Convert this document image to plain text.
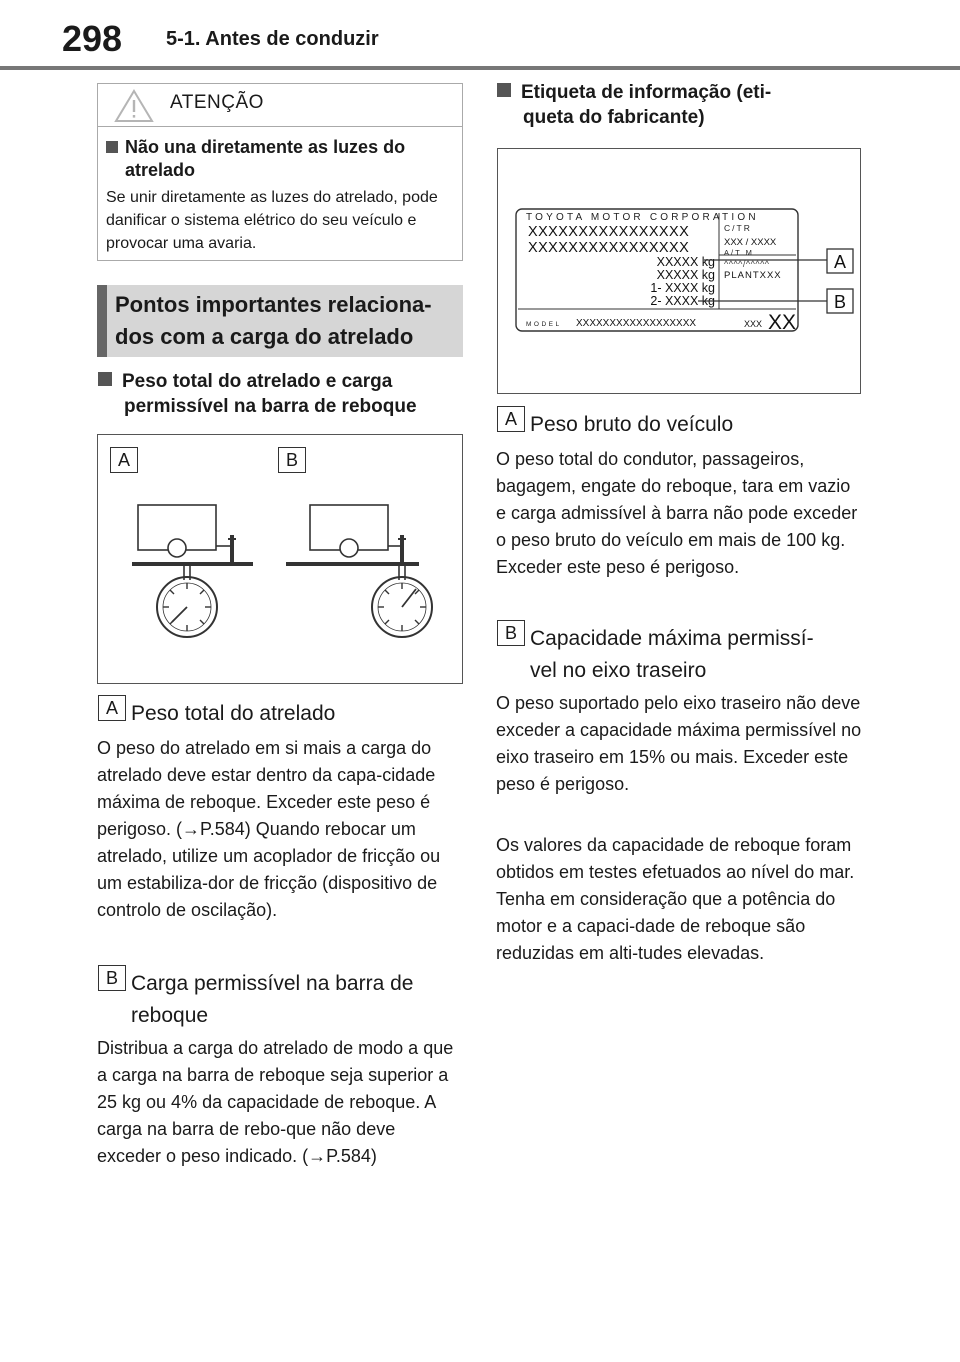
298 5-1. Antes de conduzir
ATENÇÃO
Não una diretamente as luzes do
atrelado
Se unir diretamente as luzes do atrelado, pode danificar o sistema elétrico do seu veículo e provocar uma avaria.
Pontos importantes relaciona-
dos com a carga do atrelado
Peso total do atrelado e carga
permissível na barra de reboque
A	B
A Peso total do atrelado
O peso do atrelado em si mais a carga do atrelado deve estar dentro da capa-cidade máxima de reboque. Exceder este peso é perigoso. (→P.584) Quando rebocar um atrelado, utilize um acoplador de fricção ou um estabiliza-dor de fricção (dispositivo de controlo de oscilação).
B Carga permissível na barra de
reboque
Distribua a carga do atrelado de modo a que a carga na barra de reboque seja superior a 25 kg ou 4% da capacidade de reboque. A carga na barra de rebo-que não deve exceder o peso indicado. (→P.584)
Etiqueta de informação (eti-
queta do fabricante)
TOYOTA MOTOR CORPORATION
XXXXXXXXXXXXXXXX
XXXXXXXXXXXXXXXX
XXXXX kg
XXXXX kg
1- XXXX kg
2- XXXX kg
C/TR
XXX / XXXX
A/T M
^^^^/^^^^^
PLANTXXX
MODEL XXXXXXXXXXXXXXXXXX	XXX XX
A
B
A Peso bruto do veículo
O peso total do condutor, passageiros, bagagem, engate do reboque, tara em vazio e carga admissível à barra não pode exceder o peso bruto do veículo em mais de 100 kg. Exceder este peso é perigoso.
B Capacidade máxima permissí-
vel no eixo traseiro
O peso suportado pelo eixo traseiro não deve exceder a capacidade máxima permissível no eixo traseiro em 15% ou mais. Exceder este peso é perigoso.
Os valores da capacidade de reboque foram obtidos em testes efetuados ao nível do mar. Tenha em consideração que a potência do motor e a capaci-dade de reboque são reduzidas em alti-tudes elevadas.
